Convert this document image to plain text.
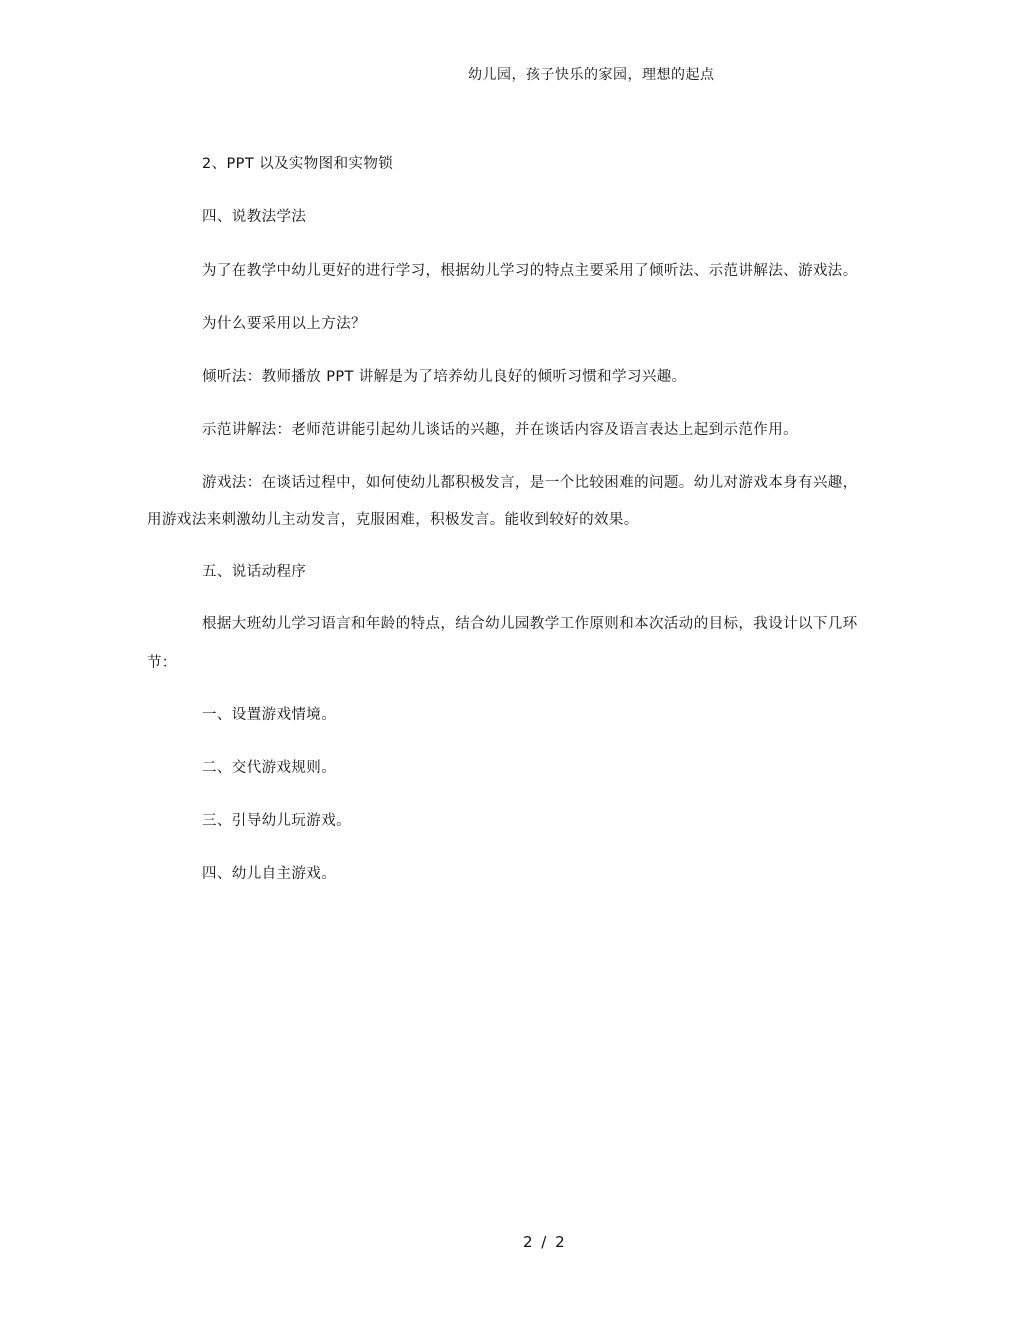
幼儿园，孩子快乐的家园，理想的起点
2、PPT 以及实物图和实物锁
四、说教法学法
为了在教学中幼儿更好的进行学习，根据幼儿学习的特点主要采用了倾听法、示范讲解法、游戏法。
为什么要采用以上方法？
倾听法：教师播放 PPT 讲解是为了培养幼儿良好的倾听习惯和学习兴趣。
示范讲解法：老师范讲能引起幼儿谈话的兴趣，并在谈话内容及语言表达上起到示范作用。
游戏法：在谈话过程中，如何使幼儿都积极发言，是一个比较困难的问题。幼儿对游戏本身有兴趣，
用游戏法来刺激幼儿主动发言，克服困难，积极发言。能收到较好的效果。
五、说话动程序
根据大班幼儿学习语言和年龄的特点，结合幼儿园教学工作原则和本次活动的目标，我设计以下几环
节：
一、设置游戏情境。
二、交代游戏规则。
三、引导幼儿玩游戏。
四、幼儿自主游戏。
2 / 2
